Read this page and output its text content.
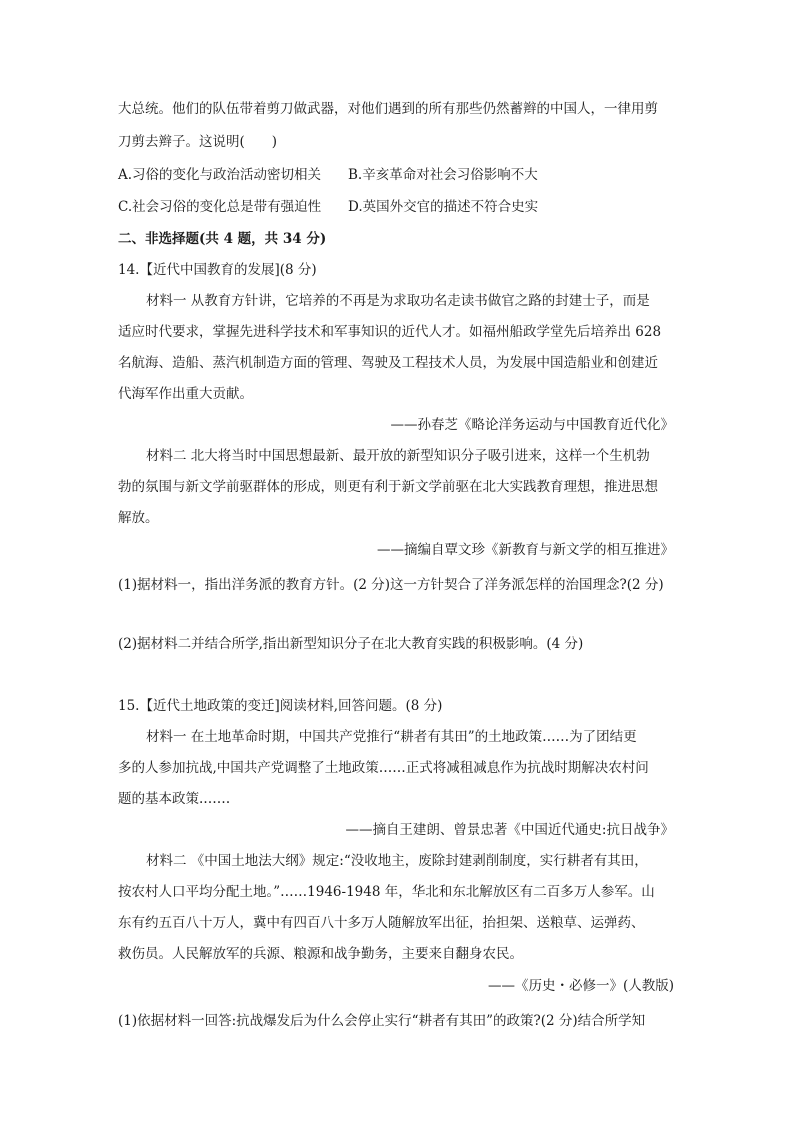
大总统。他们的队伍带着剪刀做武器，对他们遇到的所有那些仍然蓄辫的中国人，一律用剪
刀剪去辫子。这说明(　　)
A.习俗的变化与政治活动密切相关 B.辛亥革命对社会习俗影响不大
C.社会习俗的变化总是带有强迫性 D.英国外交官的描述不符合史实
二、非选择题(共 4 题，共 34 分)
14.【近代中国教育的发展](8 分)
材料一 从教育方针讲，它培养的不再是为求取功名走读书做官之路的封建士子，而是
适应时代要求，掌握先进科学技术和军事知识的近代人才。如福州船政学堂先后培养出 628
名航海、造船、蒸汽机制造方面的管理、驾驶及工程技术人员，为发展中国造船业和创建近
代海军作出重大贡献。
——孙春芝《略论洋务运动与中国教育近代化》
材料二 北大将当时中国思想最新、最开放的新型知识分子吸引进来，这样一个生机勃
勃的氛围与新文学前驱群体的形成，则更有利于新文学前驱在北大实践教育理想，推进思想
解放。
——摘编自覃文珍《新教育与新文学的相互推进》
(1)据材料一，指出洋务派的教育方针。(2 分)这一方针契合了洋务派怎样的治国理念?(2 分)
(2)据材料二并结合所学,指出新型知识分子在北大教育实践的积极影响。(4 分)
15.【近代土地政策的变迁]阅读材料,回答问题。(8 分)
材料一 在土地革命时期，中国共产党推行“耕者有其田”的土地政策……为了团结更
多的人参加抗战,中国共产党调整了土地政策……正式将减租减息作为抗战时期解决农村问
题的基本政策.……
——摘自王建朗、曾景忠著《中国近代通史:抗日战争》
材料二 《中国土地法大纲》规定:“没收地主，废除封建剥削制度，实行耕者有其田，
按农村人口平均分配土地。”……1946-1948 年，华北和东北解放区有二百多万人参军。山
东有约五百八十万人，冀中有四百八十多万人随解放军出征，抬担架、送粮草、运弹药、
救伤员。人民解放军的兵源、粮源和战争勤务，主要来自翻身农民。
——《历史・必修一》(人教版)
(1)依据材料一回答:抗战爆发后为什么会停止实行“耕者有其田”的政策?(2 分)结合所学知
